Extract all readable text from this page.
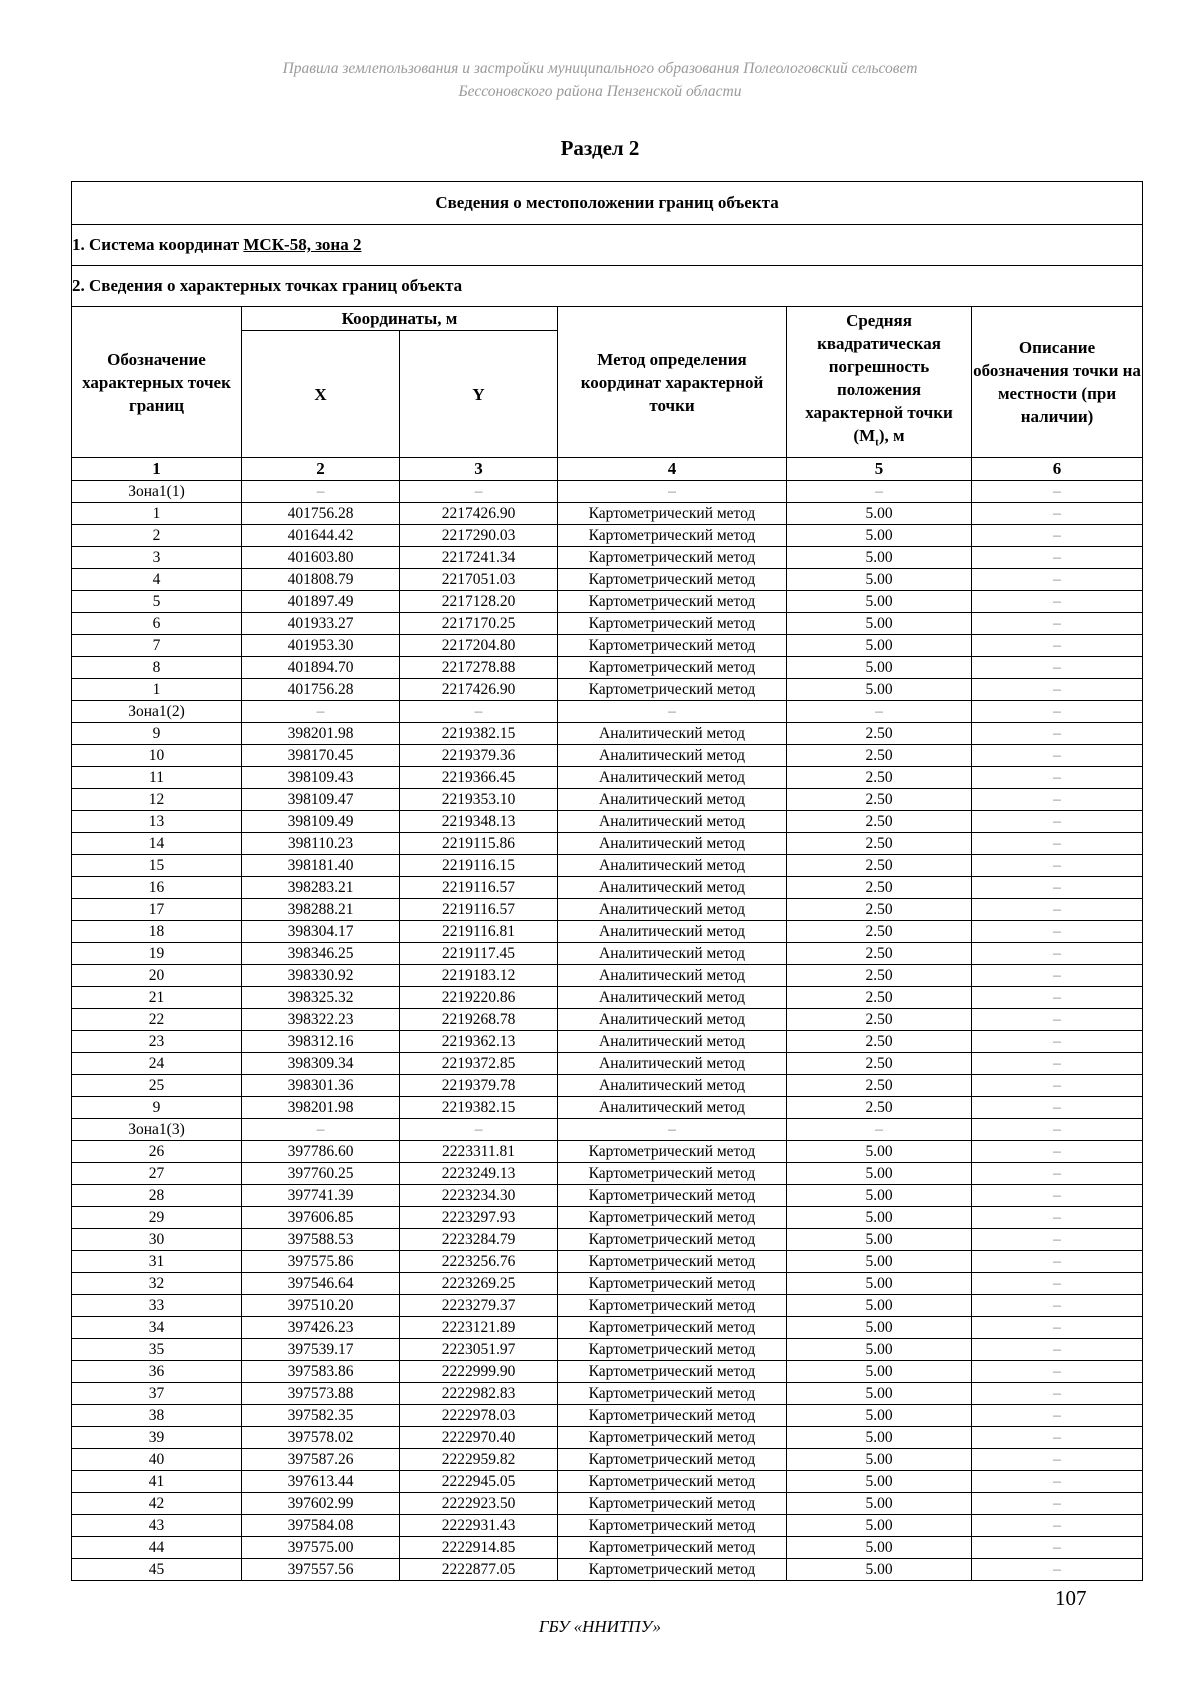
Правила землепользования и застройки муниципального образования Полеологовский сельсовет
Бессоновского района Пензенской области
Раздел 2
Сведения о местоположении границ объекта					
1. Система координат МСК-58, зона 2					
2. Сведения о характерных точках границ объекта					
Обозначение характерных точек границ	Координаты, м		Метод определения координат характерной точки	Средняя квадратическая погрешность положения характерной точки $(M_t)$, м	Описание обозначения точки на местности (при наличии)
	X	Y			
1	2	3	4	5	6
Зона1(1)	–	–	–	–	–
1	401756.28	2217426.90	Картометрический метод	5.00	–
2	401644.42	2217290.03	Картометрический метод	5.00	–
3	401603.80	2217241.34	Картометрический метод	5.00	–
4	401808.79	2217051.03	Картометрический метод	5.00	–
5	401897.49	2217128.20	Картометрический метод	5.00	–
6	401933.27	2217170.25	Картометрический метод	5.00	–
7	401953.30	2217204.80	Картометрический метод	5.00	–
8	401894.70	2217278.88	Картометрический метод	5.00	–
1	401756.28	2217426.90	Картометрический метод	5.00	–
Зона1(2)	–	–	–	–	–
9	398201.98	2219382.15	Аналитический метод	2.50	–
10	398170.45	2219379.36	Аналитический метод	2.50	–
11	398109.43	2219366.45	Аналитический метод	2.50	–
12	398109.47	2219353.10	Аналитический метод	2.50	–
13	398109.49	2219348.13	Аналитический метод	2.50	–
14	398110.23	2219115.86	Аналитический метод	2.50	–
15	398181.40	2219116.15	Аналитический метод	2.50	–
16	398283.21	2219116.57	Аналитический метод	2.50	–
17	398288.21	2219116.57	Аналитический метод	2.50	–
18	398304.17	2219116.81	Аналитический метод	2.50	–
19	398346.25	2219117.45	Аналитический метод	2.50	–
20	398330.92	2219183.12	Аналитический метод	2.50	–
21	398325.32	2219220.86	Аналитический метод	2.50	–
22	398322.23	2219268.78	Аналитический метод	2.50	–
23	398312.16	2219362.13	Аналитический метод	2.50	–
24	398309.34	2219372.85	Аналитический метод	2.50	–
25	398301.36	2219379.78	Аналитический метод	2.50	–
9	398201.98	2219382.15	Аналитический метод	2.50	–
Зона1(3)	–	–	–	–	–
26	397786.60	2223311.81	Картометрический метод	5.00	–
27	397760.25	2223249.13	Картометрический метод	5.00	–
28	397741.39	2223234.30	Картометрический метод	5.00	–
29	397606.85	2223297.93	Картометрический метод	5.00	–
30	397588.53	2223284.79	Картометрический метод	5.00	–
31	397575.86	2223256.76	Картометрический метод	5.00	–
32	397546.64	2223269.25	Картометрический метод	5.00	–
33	397510.20	2223279.37	Картометрический метод	5.00	–
34	397426.23	2223121.89	Картометрический метод	5.00	–
35	397539.17	2223051.97	Картометрический метод	5.00	–
36	397583.86	2222999.90	Картометрический метод	5.00	–
37	397573.88	2222982.83	Картометрический метод	5.00	–
38	397582.35	2222978.03	Картометрический метод	5.00	–
39	397578.02	2222970.40	Картометрический метод	5.00	–
40	397587.26	2222959.82	Картометрический метод	5.00	–
41	397613.44	2222945.05	Картометрический метод	5.00	–
42	397602.99	2222923.50	Картометрический метод	5.00	–
43	397584.08	2222931.43	Картометрический метод	5.00	–
44	397575.00	2222914.85	Картометрический метод	5.00	–
45	397557.56	2222877.05	Картометрический метод	5.00	–
107
ГБУ «ННИТПУ»
